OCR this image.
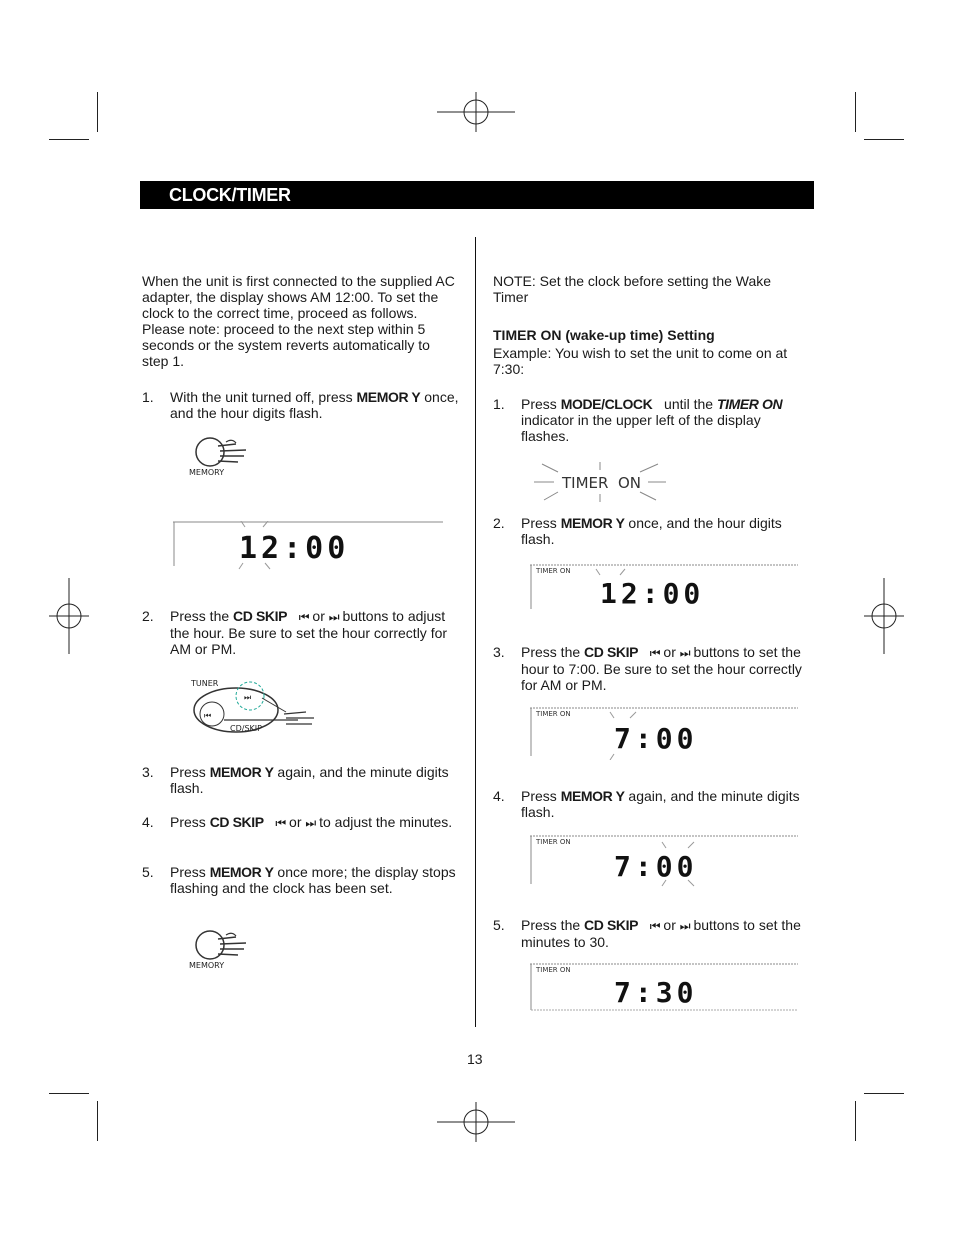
CLOCK/TIMER
When the unit is first connected to the supplied AC adapter, the display shows AM 12:00. To set the clock to the correct time, proceed as follows. Please note: proceed to the next step within 5 seconds or the system reverts automatically to step 1.
1. With the unit turned off, press MEMOR Y once, and the hour digits flash.
MEMORY
12:00
2. Press the CD SKIP ⏮ or ⏭ buttons to adjust the hour. Be sure to set the hour correctly for AM or PM.
⏮
⏭
TUNER
CD/SKIP
3. Press MEMOR Y again, and the minute digits flash.
4. Press CD SKIP ⏮ or ⏭ to adjust the minutes.
5. Press MEMOR Y once more; the display stops flashing and the clock has been set.
MEMORY
NOTE: Set the clock before setting the Wake Timer
TIMER ON (wake-up time) Setting
Example: You wish to set the unit to come on at 7:30:
1. Press MODE/CLOCK   until the TIMER ON indicator in the upper left of the display flashes.
TIMER  ON
2. Press MEMOR Y once, and the hour digits flash.
TIMER ON
12:00
3. Press the CD SKIP ⏮ or ⏭ buttons to set the hour to 7:00. Be sure to set the hour correctly for AM or PM.
TIMER ON
7:00
4. Press MEMOR Y again, and the minute digits flash.
TIMER ON
7:00
5. Press the CD SKIP ⏮ or ⏭ buttons to set the minutes to 30.
TIMER ON
7:30
13
